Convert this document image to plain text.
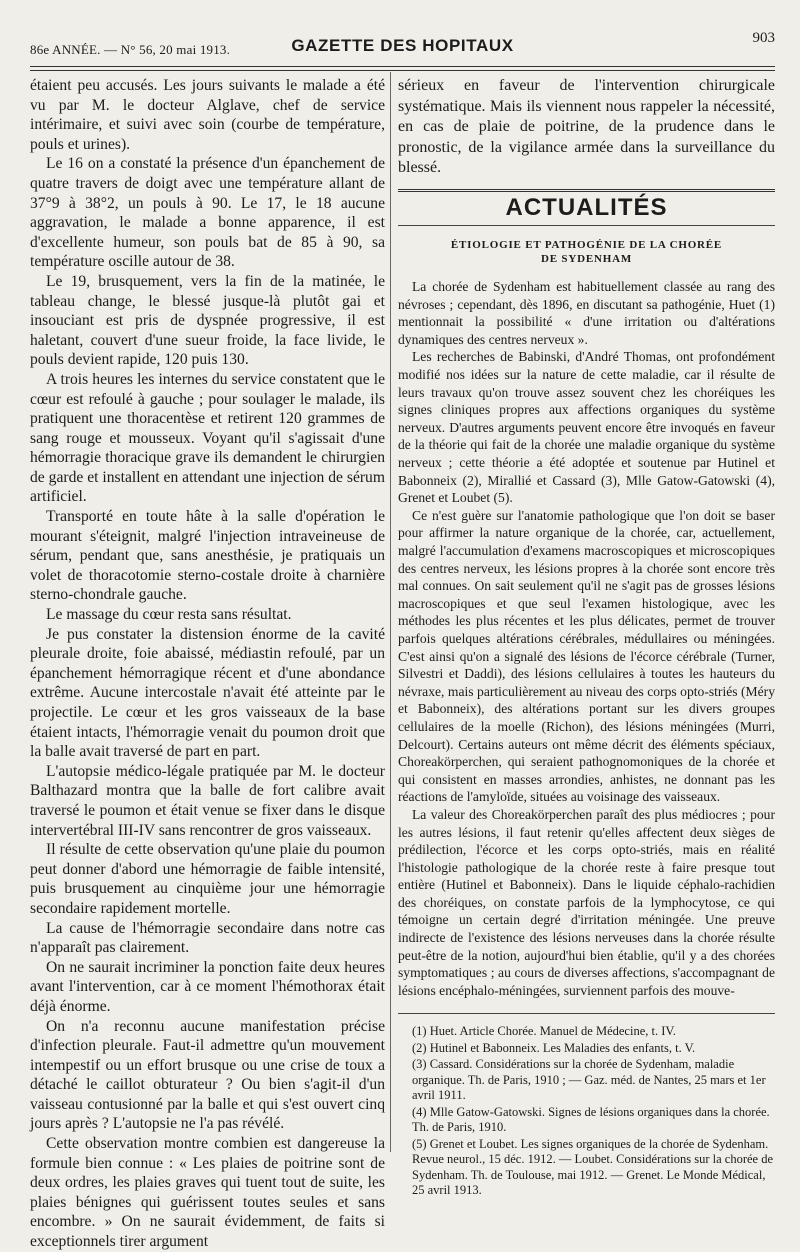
86e ANNÉE. — N° 56, 20 mai 1913.	GAZETTE DES HOPITAUX	903

étaient peu accusés. Les jours suivants le malade a été vu par M. le docteur Alglave, chef de service intérimaire, et suivi avec soin (courbe de température, pouls et urines).

Le 16 on a constaté la présence d'un épanchement de quatre travers de doigt avec une température allant de 37°9 à 38°2, un pouls à 90. Le 17, le 18 aucune aggravation, le malade a bonne apparence, il est d'excellente humeur, son pouls bat de 85 à 90, sa température oscille autour de 38.

Le 19, brusquement, vers la fin de la matinée, le tableau change, le blessé jusque-là plutôt gai et insouciant est pris de dyspnée progressive, il est haletant, couvert d'une sueur froide, la face livide, le pouls devient rapide, 120 puis 130.

A trois heures les internes du service constatent que le cœur est refoulé à gauche ; pour soulager le malade, ils pratiquent une thoracentèse et retirent 120 grammes de sang rouge et mousseux. Voyant qu'il s'agissait d'une hémorragie thoracique grave ils demandent le chirurgien de garde et installent en attendant une injection de sérum artificiel.

Transporté en toute hâte à la salle d'opération le mourant s'éteignit, malgré l'injection intraveineuse de sérum, pendant que, sans anesthésie, je pratiquais un volet de thoracotomie sterno-costale droite à charnière sterno-chondrale gauche.

Le massage du cœur resta sans résultat.

Je pus constater la distension énorme de la cavité pleurale droite, foie abaissé, médiastin refoulé, par un épanchement hémorragique récent et d'une abondance extrême. Aucune intercostale n'avait été atteinte par le projectile. Le cœur et les gros vaisseaux de la base étaient intacts, l'hémorragie venait du poumon droit que la balle avait traversé de part en part.

L'autopsie médico-légale pratiquée par M. le docteur Balthazard montra que la balle de fort calibre avait traversé le poumon et était venue se fixer dans le disque intervertébral III-IV sans rencontrer de gros vaisseaux.

Il résulte de cette observation qu'une plaie du poumon peut donner d'abord une hémorragie de faible intensité, puis brusquement au cinquième jour une hémorragie secondaire rapidement mortelle.

La cause de l'hémorragie secondaire dans notre cas n'apparaît pas clairement.

On ne saurait incriminer la ponction faite deux heures avant l'intervention, car à ce moment l'hémothorax était déjà énorme.

On n'a reconnu aucune manifestation précise d'infection pleurale. Faut-il admettre qu'un mouvement intempestif ou un effort brusque ou une crise de toux a détaché le caillot obturateur ? Ou bien s'agit-il d'un vaisseau contusionné par la balle et qui s'est ouvert cinq jours après ? L'autopsie ne l'a pas révélé.

Cette observation montre combien est dangereuse la formule bien connue : « Les plaies de poitrine sont de deux ordres, les plaies graves qui tuent tout de suite, les plaies bénignes qui guérissent toutes seules et sans encombre. » On ne saurait évidemment, de faits si exceptionnels tirer argument

sérieux en faveur de l'intervention chirurgicale systématique. Mais ils viennent nous rappeler la nécessité, en cas de plaie de poitrine, de la prudence dans le pronostic, de la vigilance armée dans la surveillance du blessé.

ACTUALITÉS
ÉTIOLOGIE ET PATHOGÉNIE DE LA CHORÉE
DE SYDENHAM

La chorée de Sydenham est habituellement classée au rang des névroses ; cependant, dès 1896, en discutant sa pathogénie, Huet (1) mentionnait la possibilité « d'une irritation ou d'altérations dynamiques des centres nerveux ».

Les recherches de Babinski, d'André Thomas, ont profondément modifié nos idées sur la nature de cette maladie, car il résulte de leurs travaux qu'on trouve assez souvent chez les choréiques les signes cliniques propres aux affections organiques du système nerveux. D'autres arguments peuvent encore être invoqués en faveur de la théorie qui fait de la chorée une maladie organique du système nerveux ; cette théorie a été adoptée et soutenue par Hutinel et Babonneix (2), Mirallié et Cassard (3), Mlle Gatow-Gatowski (4), Grenet et Loubet (5).

Ce n'est guère sur l'anatomie pathologique que l'on doit se baser pour affirmer la nature organique de la chorée, car, actuellement, malgré l'accumulation d'examens macroscopiques et microscopiques des centres nerveux, les lésions propres à la chorée sont encore très mal connues. On sait seulement qu'il ne s'agit pas de grosses lésions macroscopiques et que seul l'examen histologique, avec les méthodes les plus récentes et les plus délicates, permet de trouver parfois quelques altérations cérébrales, médullaires ou méningées. C'est ainsi qu'on a signalé des lésions de l'écorce cérébrale (Turner, Silvestri et Daddi), des lésions cellulaires à toutes les hauteurs du névraxe, mais particulièrement au niveau des corps opto-striés (Méry et Babonneix), des altérations portant sur les divers groupes cellulaires de la moelle (Richon), des lésions méningées (Murri, Delcourt). Certains auteurs ont même décrit des éléments spéciaux, Choreakörperchen, qui seraient pathognomoniques de la chorée et qui consistent en masses arrondies, anhistes, ne donnant pas les réactions de l'amyloïde, situées au voisinage des vaisseaux.

La valeur des Choreakörperchen paraît des plus médiocres ; pour les autres lésions, il faut retenir qu'elles affectent deux sièges de prédilection, l'écorce et les corps opto-striés, mais en réalité l'histologie pathologique de la chorée reste à faire presque tout entière (Hutinel et Babonneix). Dans le liquide céphalo-rachidien des choréiques, on constate parfois de la lymphocytose, ce qui témoigne un certain degré d'irritation méningée. Une preuve indirecte de l'existence des lésions nerveuses dans la chorée résulte peut-être de la notion, aujourd'hui bien établie, qu'il y a des chorées symptomatiques ; au cours de diverses affections, s'accompagnant de lésions encéphalo-méningées, surviennent parfois des mouve-

(1) Huet. Article Chorée. Manuel de Médecine, t. IV.

(2) Hutinel et Babonneix. Les Maladies des enfants, t. V.

(3) Cassard. Considérations sur la chorée de Sydenham, maladie organique. Th. de Paris, 1910 ; — Gaz. méd. de Nantes, 25 mars et 1er avril 1911.

(4) Mlle Gatow-Gatowski. Signes de lésions organiques dans la chorée. Th. de Paris, 1910.

(5) Grenet et Loubet. Les signes organiques de la chorée de Sydenham. Revue neurol., 15 déc. 1912. — Loubet. Considérations sur la chorée de Sydenham. Th. de Toulouse, mai 1912. — Grenet. Le Monde Médical, 25 avril 1913.
